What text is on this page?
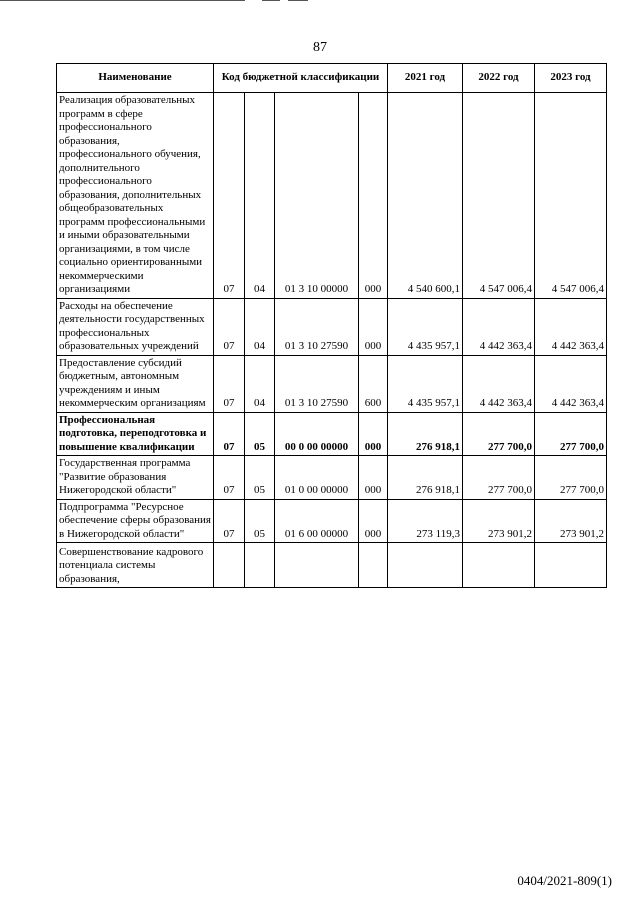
87
Наименование	Код бюджетной классификации				2021 год	2022 год	2023 год
Реализация образовательных программ в сфере профессионального образования, профессионального обучения, дополнительного профессионального образования, дополнительных общеобразовательных программ профессиональными и иными образовательными организациями, в том числе социально ориентированными некоммерческими организациями	07	04	01 3 10 00000	000	4 540 600,1	4 547 006,4	4 547 006,4
Расходы на обеспечение деятельности государственных профессиональных образовательных учреждений	07	04	01 3 10 27590	000	4 435 957,1	4 442 363,4	4 442 363,4
Предоставление субсидий бюджетным, автономным учреждениям и иным некоммерческим организациям	07	04	01 3 10 27590	600	4 435 957,1	4 442 363,4	4 442 363,4
Профессиональная подготовка, переподготовка и повышение квалификации	07	05	00 0 00 00000	000	276 918,1	277 700,0	277 700,0
Государственная программа "Развитие образования Нижегородской области"	07	05	01 0 00 00000	000	276 918,1	277 700,0	277 700,0
Подпрограмма "Ресурсное обеспечение сферы образования в Нижегородской области"	07	05	01 6 00 00000	000	273 119,3	273 901,2	273 901,2
Совершенствование кадрового потенциала системы образования,							
0404/2021-809(1)
